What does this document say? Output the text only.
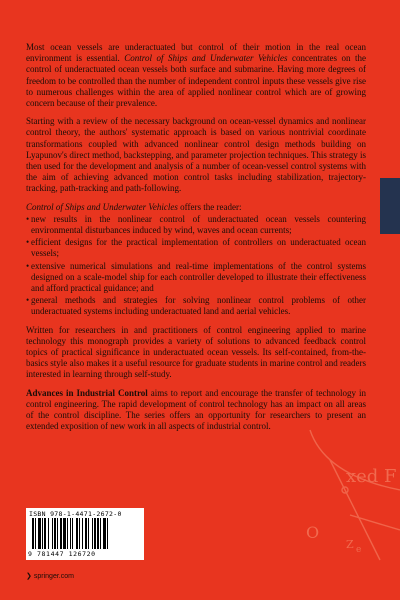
xed F
O
Z e

Most ocean vessels are underactuated but control of their motion in the real ocean environment is essential. Control of Ships and Underwater Vehicles concentrates on the control of underactuated ocean vessels both surface and submarine. Having more degrees of freedom to be controlled than the number of independent control inputs these vessels give rise to numerous challenges within the area of applied nonlinear control which are of growing concern because of their prevalence.

Starting with a review of the necessary background on ocean-vessel dynamics and nonlinear control theory, the authors' systematic approach is based on various nontrivial coordinate transformations coupled with advanced nonlinear control design methods building on Lyapunov's direct method, backstepping, and parameter projection techniques. This strategy is then used for the development and analysis of a number of ocean-vessel control systems with the aim of achieving advanced motion control tasks including stabilization, trajectory-tracking, path-tracking and path-following.

Control of Ships and Underwater Vehicles offers the reader:

• new results in the nonlinear control of underactuated ocean vessels countering environmental disturbances induced by wind, waves and ocean currents;
• efficient designs for the practical implementation of controllers on underactuated ocean vessels;
• extensive numerical simulations and real-time implementations of the control systems designed on a scale-model ship for each controller developed to illustrate their effectiveness and afford practical guidance; and
• general methods and strategies for solving nonlinear control problems of other underactuated systems including underactuated land and aerial vehicles.

Written for researchers in and practitioners of control engineering applied to marine technology this monograph provides a variety of solutions to advanced feedback control topics of practical significance in underactuated ocean vessels. Its self-contained, from-the-basics style also makes it a useful resource for graduate students in marine control and readers interested in learning through self-study.

Advances in Industrial Control aims to report and encourage the transfer of technology in control engineering. The rapid development of control technology has an impact on all areas of the control discipline. The series offers an opportunity for researchers to present an extended exposition of new work in all aspects of industrial control.

ISBN 978-1-4471-2672-0
9 781447 126720
❯ springer.com
